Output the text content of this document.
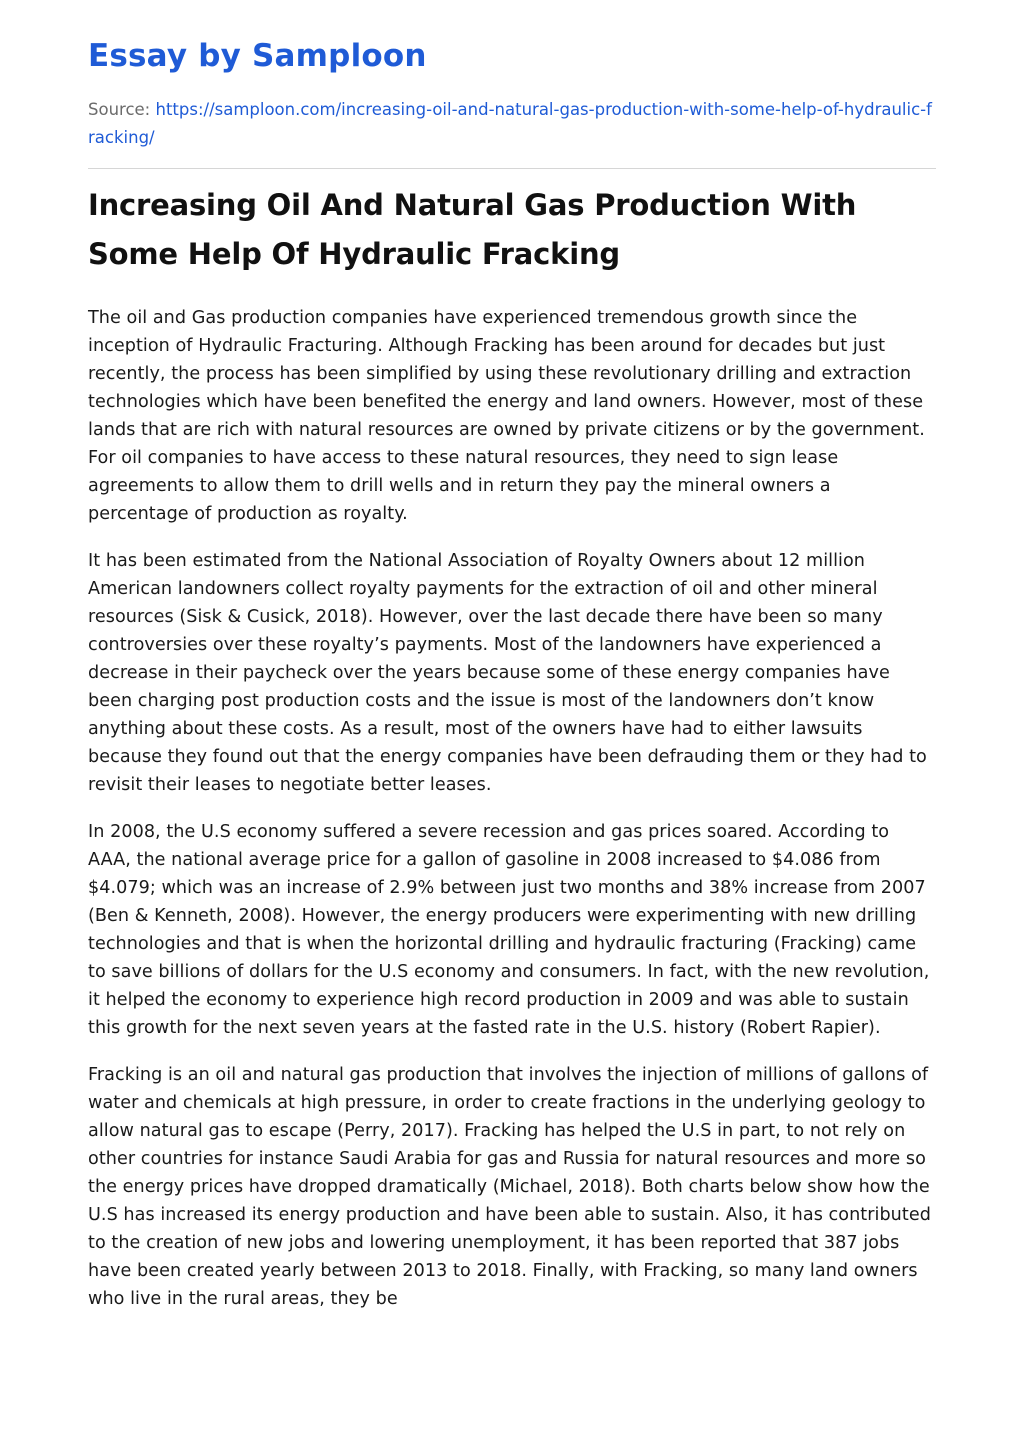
Essay by Samploon
Source: https://samploon.com/increasing-oil-and-natural-gas-production-with-some-help-of-hydraulic-fracking/
Increasing Oil And Natural Gas Production With Some Help Of Hydraulic Fracking

The oil and Gas production companies have experienced tremendous growth since the inception of Hydraulic Fracturing. Although Fracking has been around for decades but just recently, the process has been simplified by using these revolutionary drilling and extraction technologies which have been benefited the energy and land owners. However, most of these lands that are rich with natural resources are owned by private citizens or by the government. For oil companies to have access to these natural resources, they need to sign lease agreements to allow them to drill wells and in return they pay the mineral owners a percentage of production as royalty.

It has been estimated from the National Association of Royalty Owners about 12 million American landowners collect royalty payments for the extraction of oil and other mineral resources (Sisk & Cusick, 2018). However, over the last decade there have been so many controversies over these royalty’s payments. Most of the landowners have experienced a decrease in their paycheck over the years because some of these energy companies have been charging post production costs and the issue is most of the landowners don’t know anything about these costs. As a result, most of the owners have had to either lawsuits because they found out that the energy companies have been defrauding them or they had to revisit their leases to negotiate better leases.

In 2008, the U.S economy suffered a severe recession and gas prices soared. According to AAA, the national average price for a gallon of gasoline in 2008 increased to $4.086 from $4.079; which was an increase of 2.9% between just two months and 38% increase from 2007 (Ben & Kenneth, 2008). However, the energy producers were experimenting with new drilling technologies and that is when the horizontal drilling and hydraulic fracturing (Fracking) came to save billions of dollars for the U.S economy and consumers. In fact, with the new revolution, it helped the economy to experience high record production in 2009 and was able to sustain this growth for the next seven years at the fasted rate in the U.S. history (Robert Rapier).

Fracking is an oil and natural gas production that involves the injection of millions of gallons of water and chemicals at high pressure, in order to create fractions in the underlying geology to allow natural gas to escape (Perry, 2017). Fracking has helped the U.S in part, to not rely on other countries for instance Saudi Arabia for gas and Russia for natural resources and more so the energy prices have dropped dramatically (Michael, 2018). Both charts below show how the U.S has increased its energy production and have been able to sustain. Also, it has contributed to the creation of new jobs and lowering unemployment, it has been reported that 387 jobs have been created yearly between 2013 to 2018. Finally, with Fracking, so many land owners who live in the rural areas, they be
